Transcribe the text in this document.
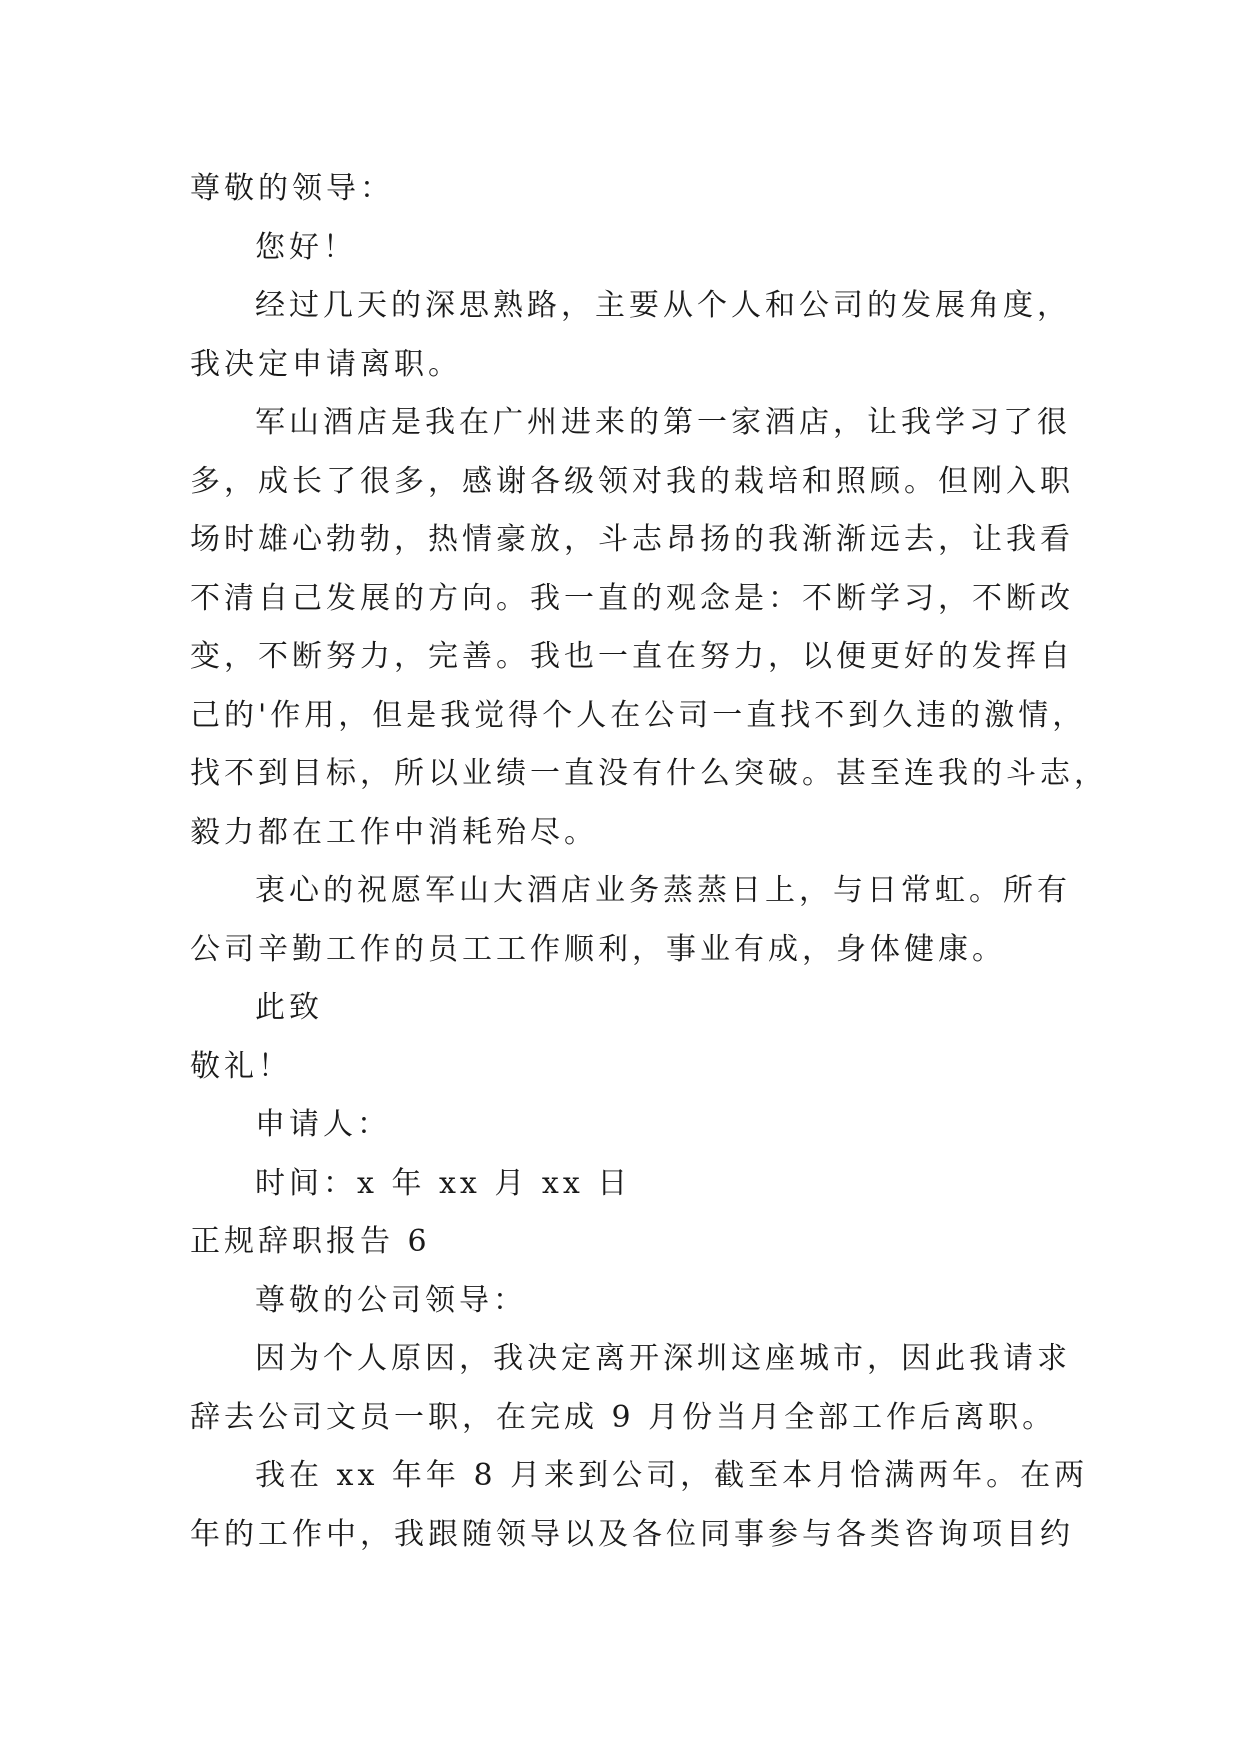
尊敬的领导：
您好！
经过几天的深思熟路，主要从个人和公司的发展角度，
我决定申请离职。
军山酒店是我在广州进来的第一家酒店，让我学习了很
多，成长了很多，感谢各级领对我的栽培和照顾。但刚入职
场时雄心勃勃，热情豪放，斗志昂扬的我渐渐远去，让我看
不清自己发展的方向。我一直的观念是：不断学习，不断改
变，不断努力，完善。我也一直在努力，以便更好的发挥自
己的'作用，但是我觉得个人在公司一直找不到久违的激情，
找不到目标，所以业绩一直没有什么突破。甚至连我的斗志，
毅力都在工作中消耗殆尽。
衷心的祝愿军山大酒店业务蒸蒸日上，与日常虹。所有
公司辛勤工作的员工工作顺利，事业有成，身体健康。
此致
敬礼！
申请人：
时间：x 年 xx 月 xx 日
正规辞职报告 6
尊敬的公司领导：
因为个人原因，我决定离开深圳这座城市，因此我请求
辞去公司文员一职，在完成 9 月份当月全部工作后离职。
我在 xx 年年 8 月来到公司，截至本月恰满两年。在两
年的工作中，我跟随领导以及各位同事参与各类咨询项目约
